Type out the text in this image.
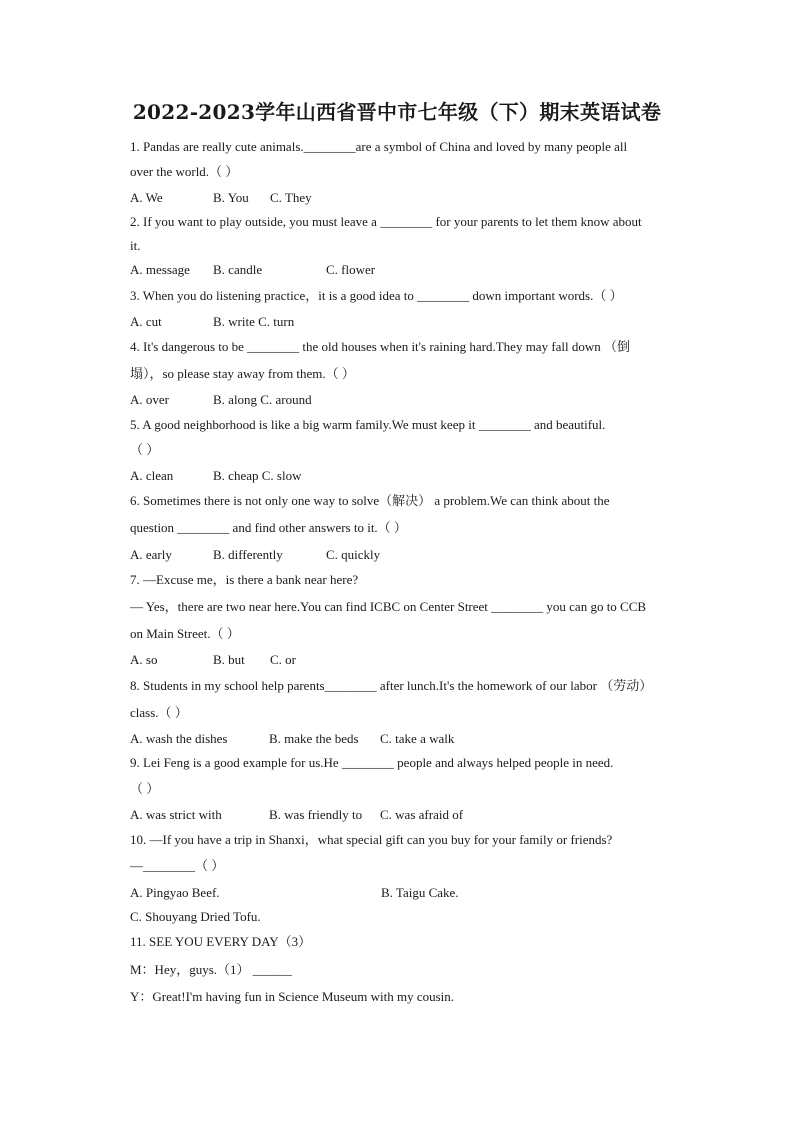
2022-2023学年山西省晋中市七年级（下）期末英语试卷
1. Pandas are really cute animals.________are a symbol of China and loved by many people all
over the world.（ ）
A. We	B. You C. They
2. If you want to play outside, you must leave a ________ for your parents to let them know about
it.
A. message B. candle	C. flower
3. When you do listening practice，it is a good idea to ________ down important words.（ ）
A. cut	B. write C. turn
4. It's dangerous to be ________ the old houses when it's raining hard.They may fall down （倒
塌），so please stay away from them.（ ）
A. over	B. along C. around
5. A good neighborhood is like a big warm family.We must keep it ________ and beautiful.
（ ）
A. clean	B. cheap C. slow
6. Sometimes there is not only one way to solve（解决） a problem.We can think about the
question ________ and find other answers to it.（ ）
A. early	B. differently	C. quickly
7. —Excuse me，is there a bank near here?
— Yes，there are two near here.You can find ICBC on Center Street ________ you can go to CCB
on Main Street.（ ）
A. so	B. but C. or
8. Students in my school help parents________ after lunch.It's the homework of our labor （劳动）
class.（ ）
A. wash the dishes	B. make the beds C. take a walk
9. Lei Feng is a good example for us.He ________ people and always helped people in need.
（ ）
A. was strict with	B. was friendly to C. was afraid of
10. —If you have a trip in Shanxi，what special gift can you buy for your family or friends?
—________（ ）
A. Pingyao Beef.	B. Taigu Cake.
C. Shouyang Dried Tofu.
11. SEE YOU EVERY DAY（3）
M：Hey，guys.（1） ______
Y：Great!I'm having fun in Science Museum with my cousin.
